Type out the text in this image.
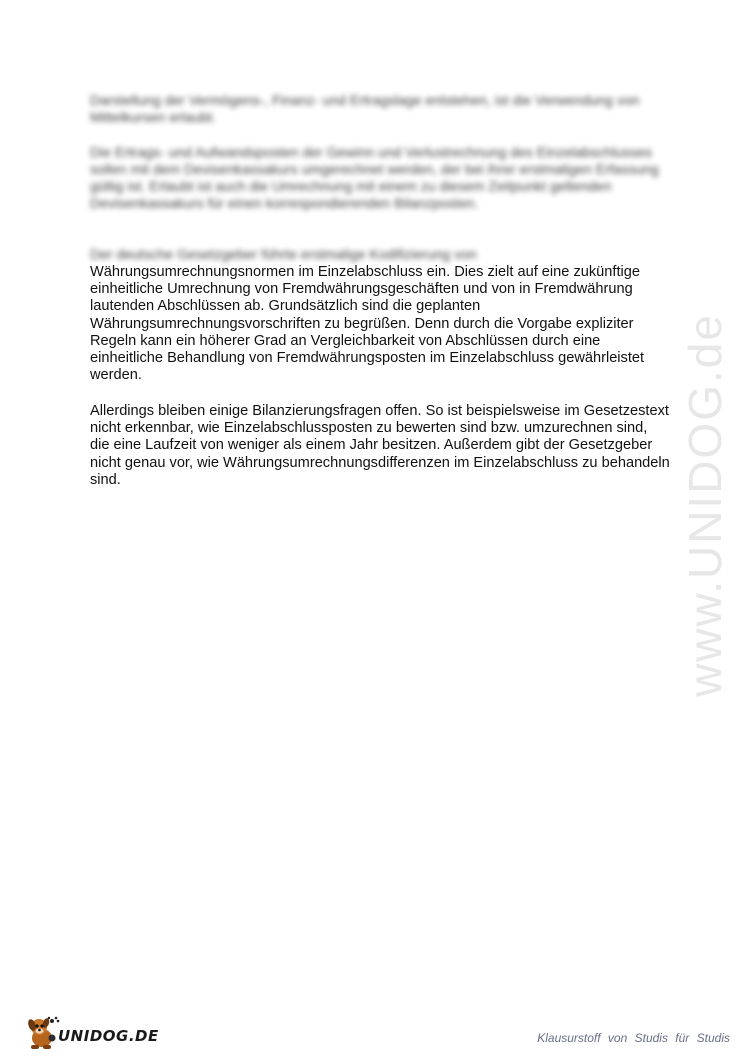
www.UNIDOG.de
Darstellung der Vermögens-, Finanz- und Ertragslage entstehen, ist die Verwendung von Mittelkursen erlaubt.
Die Ertrags- und Aufwandsposten der Gewinn und Verlustrechnung des Einzelabschlusses sollen mit dem Devisenkassakurs umgerechnet werden, der bei ihrer erstmaligen Erfassung gültig ist. Erlaubt ist auch die Umrechnung mit einem zu diesem Zeitpunkt geltenden Devisenkassakurs für einen korrespondierenden Bilanzposten.
Der deutsche Gesetzgeber führte erstmalige Kodifizierung von
Währungsumrechnungsnormen im Einzelabschluss ein. Dies zielt auf eine zukünftige einheitliche Umrechnung von Fremdwährungsgeschäften und von in Fremdwährung lautenden Abschlüssen ab. Grundsätzlich sind die geplanten Währungsumrechnungsvorschriften zu begrüßen. Denn durch die Vorgabe expliziter Regeln kann ein höherer Grad an Vergleichbarkeit von Abschlüssen durch eine einheitliche Behandlung von Fremdwährungsposten im Einzelabschluss gewährleistet werden.
Allerdings bleiben einige Bilanzierungsfragen offen. So ist beispielsweise im Gesetzestext nicht erkennbar, wie Einzelabschlussposten zu bewerten sind bzw. umzurechnen sind, die eine Laufzeit von weniger als einem Jahr besitzen. Außerdem gibt der Gesetzgeber nicht genau vor, wie Währungsumrechnungsdifferenzen im Einzelabschluss zu behandeln sind.
UNIDOG.DE	Klausurstoff von Studis für Studis
